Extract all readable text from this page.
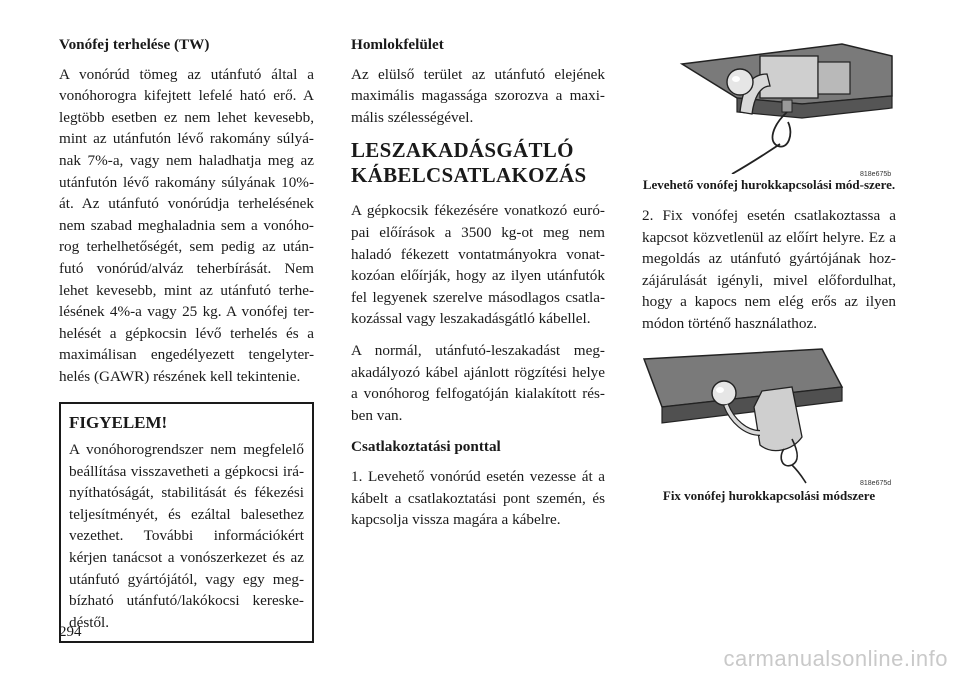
Vonófej terhelése (TW)

A vonórúd tömeg az utánfutó által a vonóhorogra kifejtett lefelé ható erő. A legtöbb esetben ez nem lehet kevesebb, mint az utánfutón lévő rakomány súlyá-nak 7%-a, vagy nem haladhatja meg az utánfutón lévő rakomány súlyának 10%-át. Az utánfutó vonórúdja terhelésének nem szabad meghaladnia sem a vonóho-rog terhelhetőségét, sem pedig az után-futó vonórúd/alváz teherbírását. Nem lehet kevesebb, mint az utánfutó terhe-lésének 4%-a vagy 25 kg. A vonófej ter-helését a gépkocsin lévő terhelés és a maximálisan engedélyezett tengelyter-helés (GAWR) részének kell tekintenie.

FIGYELEM!

A vonóhorogrendszer nem megfelelő beállítása visszavetheti a gépkocsi irá-nyíthatóságát, stabilitását és fékezési teljesítményét, és ezáltal balesethez vezethet. További információkért kérjen tanácsot a vonószerkezet és az utánfutó gyártójától, vagy egy meg-bízható utánfutó/lakókocsi kereske-déstől.

Homlokfelület

Az elülső terület az utánfutó elejének maximális magassága szorozva a maxi-mális szélességével.

LESZAKADÁSGÁTLÓ
KÁBELCSATLAKOZÁS

A gépkocsik fékezésére vonatkozó euró-pai előírások a 3500 kg-ot meg nem haladó fékezett vontatmányokra vonat-kozóan előírják, hogy az ilyen utánfutók fel legyenek szerelve másodlagos csatla-kozással vagy leszakadásgátló kábellel.

A normál, utánfutó-leszakadást meg-akadályozó kábel ajánlott rögzítési helye a vonóhorog felfogatóján kialakított rés-ben van.

Csatlakoztatási ponttal

1. Levehető vonórúd esetén vezesse át a kábelt a csatlakoztatási pont szemén, és kapcsolja vissza magára a kábelre.

818e675b
Levehető vonófej hurokkapcsolási mód-szere.

2. Fix vonófej esetén csatlakoztassa a kapcsot közvetlenül az előírt helyre. Ez a megoldás az utánfutó gyártójának hoz-zájárulását igényli, mivel előfordulhat, hogy a kapocs nem elég erős az ilyen módon történő használathoz.

818e675d
Fix vonófej hurokkapcsolási módszere
294
carmanualsonline.info
